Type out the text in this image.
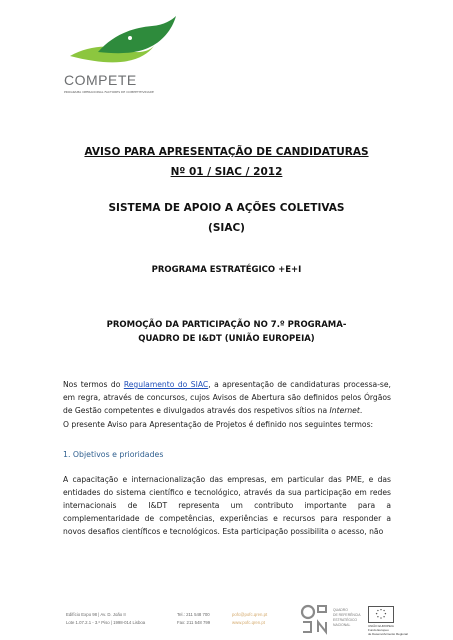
COMPETE
PROGRAMA OPERACIONAL FACTORES DE COMPETITIVIDADE
AVISO PARA APRESENTAÇÃO DE CANDIDATURAS
Nº 01 / SIAC / 2012
SISTEMA DE APOIO A AÇÕES COLETIVAS
(SIAC)
PROGRAMA ESTRATÉGICO +E+I
PROMOÇÃO DA PARTICIPAÇÃO NO 7.º PROGRAMA-
QUADRO DE I&DT (UNIÃO EUROPEIA)
Nos termos do Regulamento do SIAC, a apresentação de candidaturas processa-se, em regra, através de concursos, cujos Avisos de Abertura são definidos pelos Órgãos de Gestão competentes e divulgados através dos respetivos sítios na Internet.
O presente Aviso para Apresentação de Projetos é definido nos seguintes termos:
1. Objetivos e prioridades
A capacitação e internacionalização das empresas, em particular das PME, e das entidades do sistema científico e tecnológico, através da sua participação em redes internacionais de I&DT representa um contributo importante para a complementaridade de competências, experiências e recursos para responder a novos desafios científicos e tecnológicos. Esta participação possibilita o acesso, não
Edifício Expo 98 | Av. D. João II
Lote 1.07.2.1 - 3.º Piso | 1998-014 Lisboa
Tel.: 211 548 700
Fax: 211 548 799
pofc@pofc.qren.pt
www.pofc.qren.pt
QUADRO
DE REFERÊNCIA
ESTRATÉGICO
NACIONAL	UNIÃO EUROPEIA
Fundo Europeu
de Desenvolvimento Regional
